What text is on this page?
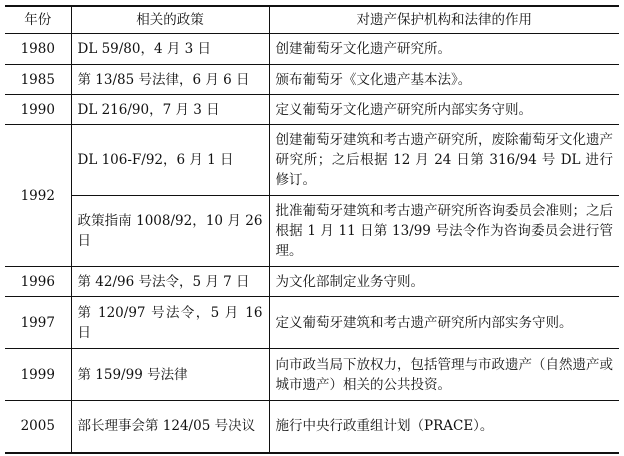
年份	相关的政策	对遗产保护机构和法律的作用
1980	DL 59/80，4 月 3 日	创建葡萄牙文化遗产研究所。
1985	第 13/85 号法律，6 月 6 日	颁布葡萄牙《文化遗产基本法》。
1990	DL 216/90，7 月 3 日	定义葡萄牙文化遗产研究所内部实务守则。
1992	DL 106-F/92，6 月 1 日	创建葡萄牙建筑和考古遗产研究所，废除葡萄牙文化遗产研究所；之后根据 12 月 24 日第 316/94 号 DL 进行修订。
	政策指南 1008/92，10 月 26 日	批准葡萄牙建筑和考古遗产研究所咨询委员会准则；之后根据 1 月 11 日第 13/99 号法令作为咨询委员会进行管理。
1996	第 42/96 号法令，5 月 7 日	为文化部制定业务守则。
1997	第 120/97 号法令，5 月 16 日	定义葡萄牙建筑和考古遗产研究所内部实务守则。
1999	第 159/99 号法律	向市政当局下放权力，包括管理与市政遗产（自然遗产或城市遗产）相关的公共投资。
2005	部长理事会第 124/05 号决议	施行中央行政重组计划（PRACE）。
